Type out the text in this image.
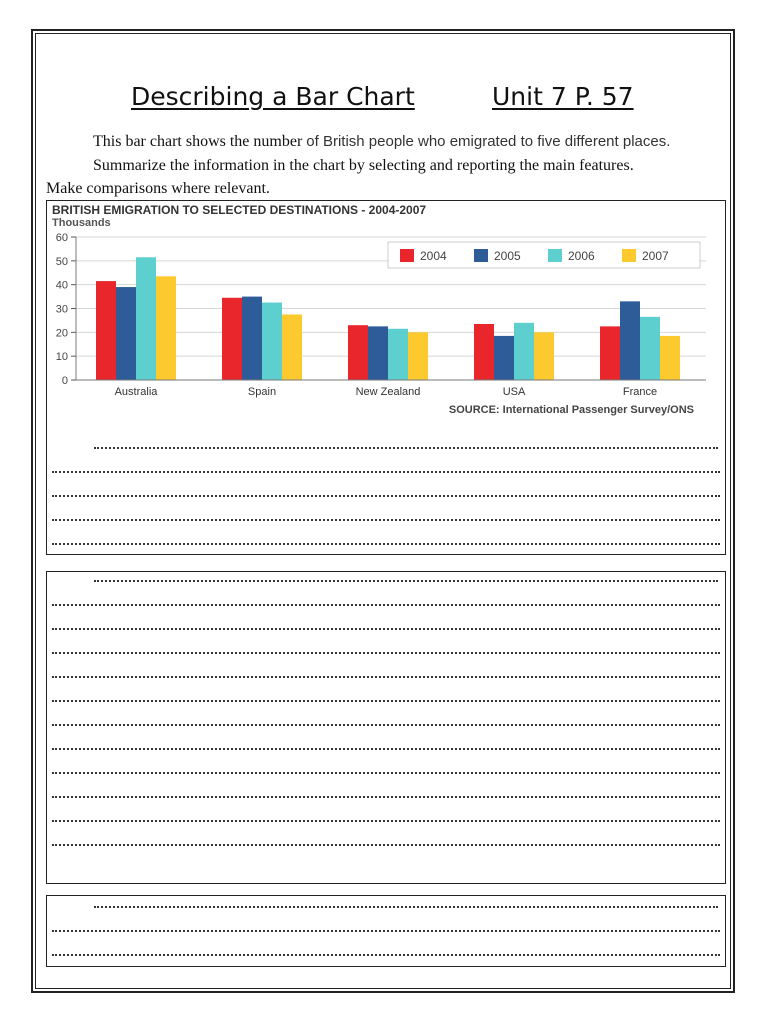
Describing a Bar Chart	Unit 7 P. 57
This bar chart shows the number of British people who emigrated to five different places.
Summarize the information in the chart by selecting and reporting the main features.
Make comparisons where relevant.
BRITISH EMIGRATION TO SELECTED DESTINATIONS - 2004-2007
Thousands
0
10
20
30
40
50
60
Australia	Spain	New Zealand	USA	France
2004	2005	2006	2007
SOURCE: International Passenger Survey/ONS
